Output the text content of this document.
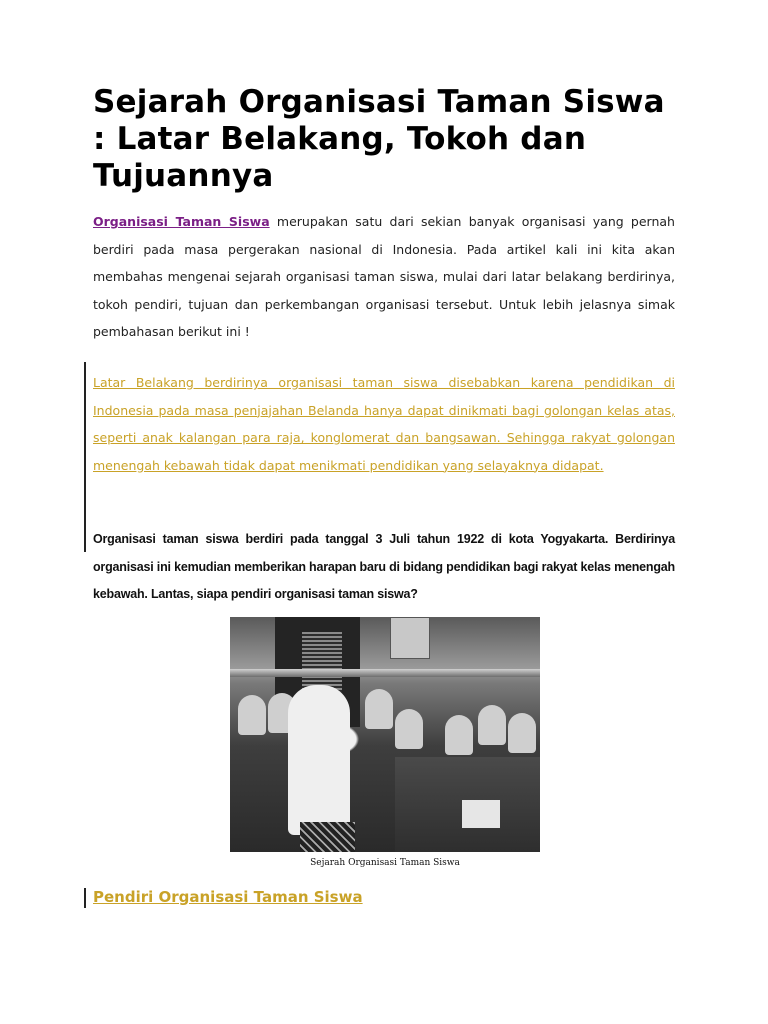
Sejarah Organisasi Taman Siswa : Latar Belakang, Tokoh dan Tujuannya

Organisasi Taman Siswa merupakan satu dari sekian banyak organisasi yang pernah berdiri pada masa pergerakan nasional di Indonesia. Pada artikel kali ini kita akan membahas mengenai sejarah organisasi taman siswa, mulai dari latar belakang berdirinya, tokoh pendiri, tujuan dan perkembangan organisasi tersebut. Untuk lebih jelasnya simak pembahasan berikut ini !

Latar Belakang berdirinya organisasi taman siswa disebabkan karena pendidikan di Indonesia pada masa penjajahan Belanda hanya dapat dinikmati bagi golongan kelas atas, seperti anak kalangan para raja, konglomerat dan bangsawan. Sehingga rakyat golongan menengah kebawah tidak dapat menikmati pendidikan yang selayaknya didapat.

Organisasi taman siswa berdiri pada tanggal 3 Juli tahun 1922 di kota Yogyakarta. Berdirinya organisasi ini kemudian memberikan harapan baru di bidang pendidikan bagi rakyat kelas menengah kebawah. Lantas, siapa pendiri organisasi taman siswa?

Sejarah Organisasi Taman Siswa
Pendiri Organisasi Taman Siswa
